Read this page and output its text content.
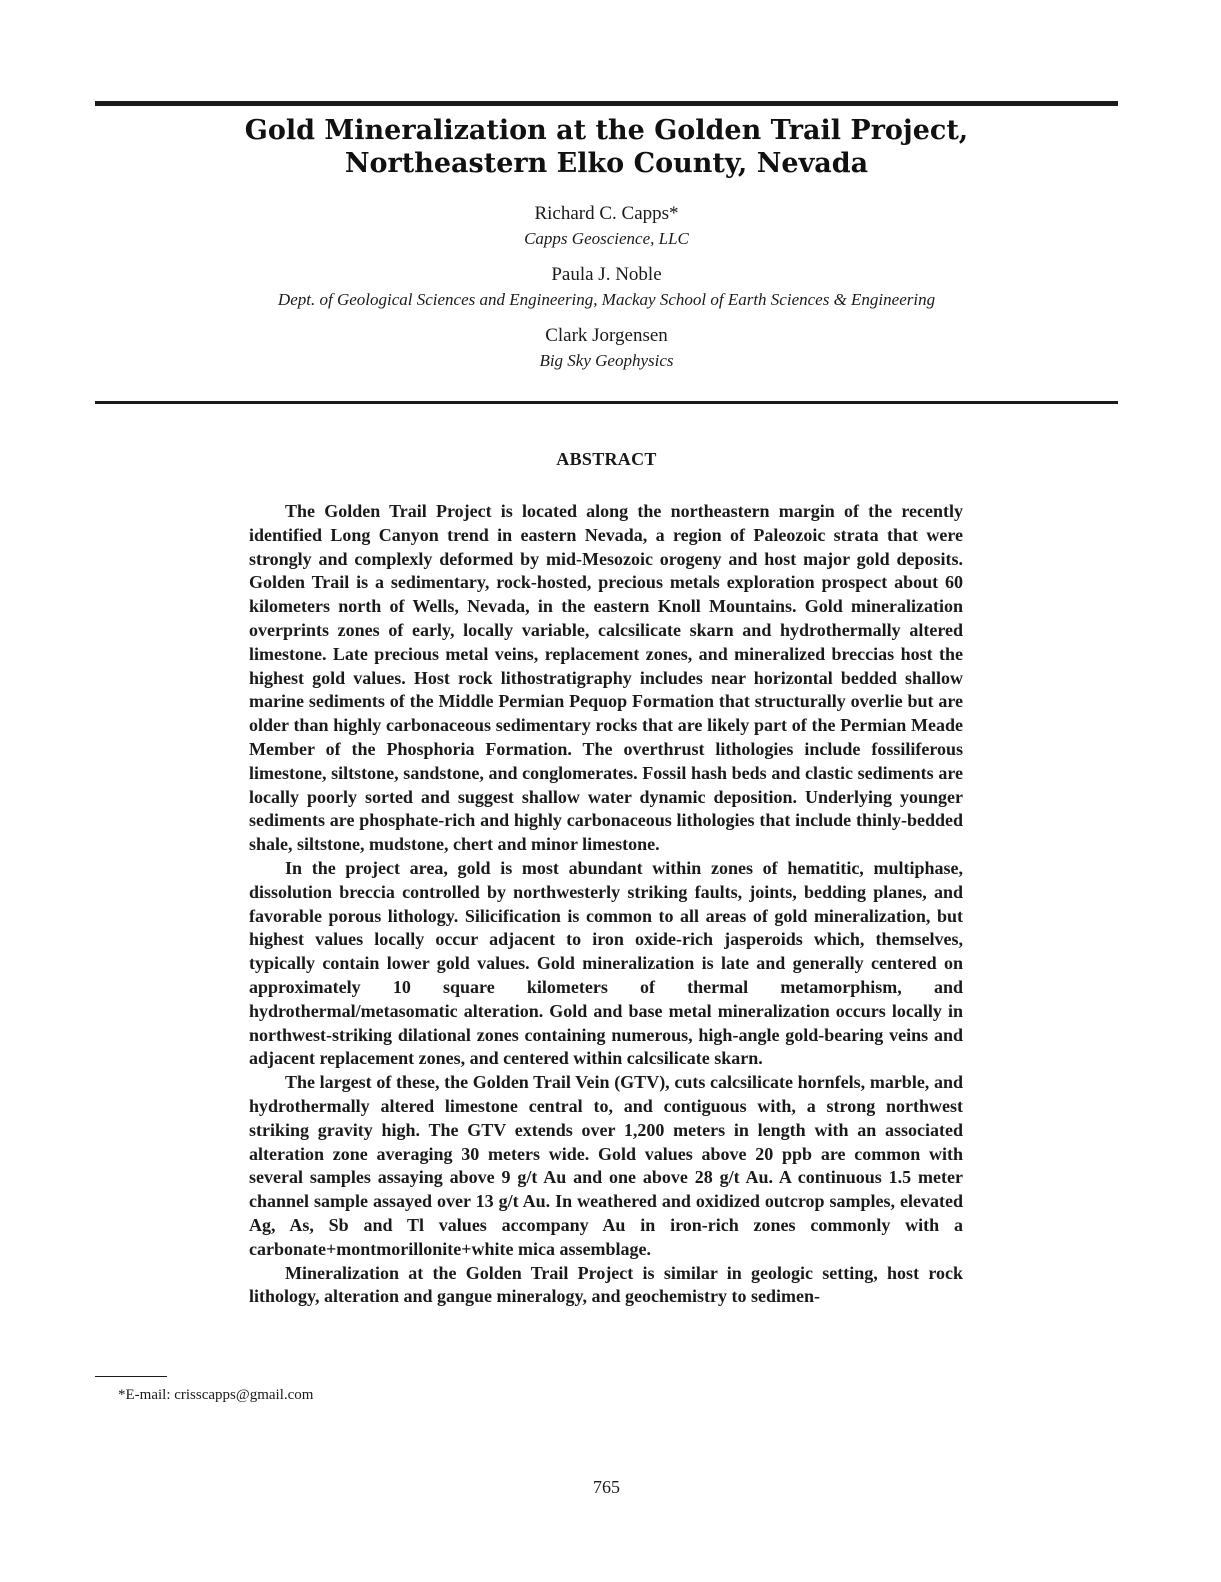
Gold Mineralization at the Golden Trail Project,
Northeastern Elko County, Nevada

Richard C. Capps*

Capps Geoscience, LLC

Paula J. Noble

Dept. of Geological Sciences and Engineering, Mackay School of Earth Sciences & Engineering

Clark Jorgensen

Big Sky Geophysics

ABSTRACT

The Golden Trail Project is located along the northeastern margin of the recently identified Long Canyon trend in eastern Nevada, a region of Paleozoic strata that were strongly and complexly deformed by mid-Mesozoic orogeny and host major gold deposits. Golden Trail is a sedimentary, rock-hosted, precious metals exploration prospect about 60 kilometers north of Wells, Nevada, in the eastern Knoll Mountains. Gold mineralization overprints zones of early, locally variable, calcsilicate skarn and hydrothermally altered limestone. Late precious metal veins, replacement zones, and mineralized breccias host the highest gold values. Host rock lithostratigraphy includes near horizontal bedded shallow marine sediments of the Middle Permian Pequop Formation that structurally overlie but are older than highly carbonaceous sedimentary rocks that are likely part of the Permian Meade Member of the Phosphoria Formation. The overthrust lithologies include fossiliferous limestone, siltstone, sandstone, and conglomerates. Fossil hash beds and clastic sediments are locally poorly sorted and suggest shallow water dynamic deposition. Underlying younger sediments are phosphate-rich and highly carbonaceous lithologies that include thinly-bedded shale, siltstone, mudstone, chert and minor limestone.

In the project area, gold is most abundant within zones of hematitic, multiphase, dissolution breccia controlled by northwesterly striking faults, joints, bedding planes, and favorable porous lithology. Silicification is common to all areas of gold mineralization, but highest values locally occur adjacent to iron oxide-rich jasperoids which, themselves, typically contain lower gold values. Gold mineralization is late and generally centered on approximately 10 square kilometers of thermal metamorphism, and hydrothermal/metasomatic alteration. Gold and base metal mineralization occurs locally in northwest-striking dilational zones containing numerous, high-angle gold-bearing veins and adjacent replacement zones, and centered within calcsilicate skarn.

The largest of these, the Golden Trail Vein (GTV), cuts calcsilicate hornfels, marble, and hydrothermally altered limestone central to, and contiguous with, a strong northwest striking gravity high. The GTV extends over 1,200 meters in length with an associated alteration zone averaging 30 meters wide. Gold values above 20 ppb are common with several samples assaying above 9 g/t Au and one above 28 g/t Au. A continuous 1.5 meter channel sample assayed over 13 g/t Au. In weathered and oxidized outcrop samples, elevated Ag, As, Sb and Tl values accompany Au in iron-rich zones commonly with a carbonate+montmorillonite+white mica assemblage.

Mineralization at the Golden Trail Project is similar in geologic setting, host rock lithology, alteration and gangue mineralogy, and geochemistry to sedimen-

*E-mail: crisscapps@gmail.com

765
